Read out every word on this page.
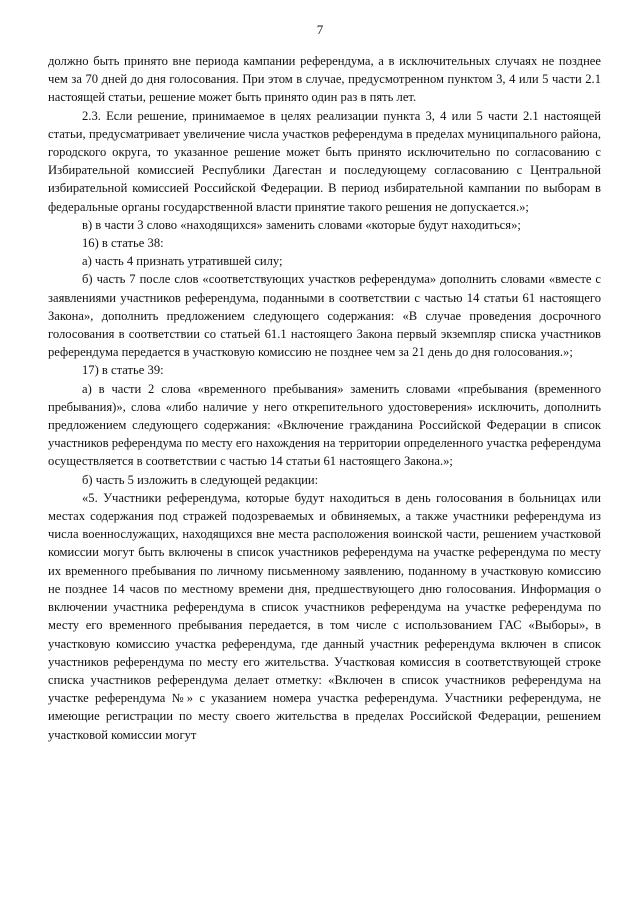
7

должно быть принято вне периода кампании референдума, а в исключительных случаях не позднее чем за 70 дней до дня голосования. При этом в случае, предусмотренном пунктом 3, 4 или 5 части 2.1 настоящей статьи, решение может быть принято один раз в пять лет.

2.3. Если решение, принимаемое в целях реализации пункта 3, 4 или 5 части 2.1 настоящей статьи, предусматривает увеличение числа участков референдума в пределах муниципального района, городского округа, то указанное решение может быть принято исключительно по согласованию с Избирательной комиссией Республики Дагестан и последующему согласованию с Центральной избирательной комиссией Российской Федерации. В период избирательной кампании по выборам в федеральные органы государственной власти принятие такого решения не допускается.»;

в) в части 3 слово «находящихся» заменить словами «которые будут находиться»;

16) в статье 38:

а) часть 4 признать утратившей силу;

б) часть 7 после слов «соответствующих участков референдума» дополнить словами «вместе с заявлениями участников референдума, поданными в соответствии с частью 14 статьи 61 настоящего Закона», дополнить предложением следующего содержания: «В случае проведения досрочного голосования в соответствии со статьей 61.1 настоящего Закона первый экземпляр списка участников референдума передается в участковую комиссию не позднее чем за 21 день до дня голосования.»;

17) в статье 39:

а) в части 2 слова «временного пребывания» заменить словами «пребывания (временного пребывания)», слова «либо наличие у него открепительного удостоверения» исключить, дополнить предложением следующего содержания: «Включение гражданина Российской Федерации в список участников референдума по месту его нахождения на территории определенного участка референдума осуществляется в соответствии с частью 14 статьи 61 настоящего Закона.»;

б) часть 5 изложить в следующей редакции:

«5. Участники референдума, которые будут находиться в день голосования в больницах или местах содержания под стражей подозреваемых и обвиняемых, а также участники референдума из числа военнослужащих, находящихся вне места расположения воинской части, решением участковой комиссии могут быть включены в список участников референдума на участке референдума по месту их временного пребывания по личному письменному заявлению, поданному в участковую комиссию не позднее 14 часов по местному времени дня, предшествующего дню голосования. Информация о включении участника референдума в список участников референдума на участке референдума по месту его временного пребывания передается, в том числе с использованием ГАС «Выборы», в участковую комиссию участка референдума, где данный участник референдума включен в список участников референдума по месту его жительства. Участковая комиссия в соответствующей строке списка участников референдума делает отметку: «Включен в список участников референдума на участке референдума №» с указанием номера участка референдума. Участники референдума, не имеющие регистрации по месту своего жительства в пределах Российской Федерации, решением участковой комиссии могут
